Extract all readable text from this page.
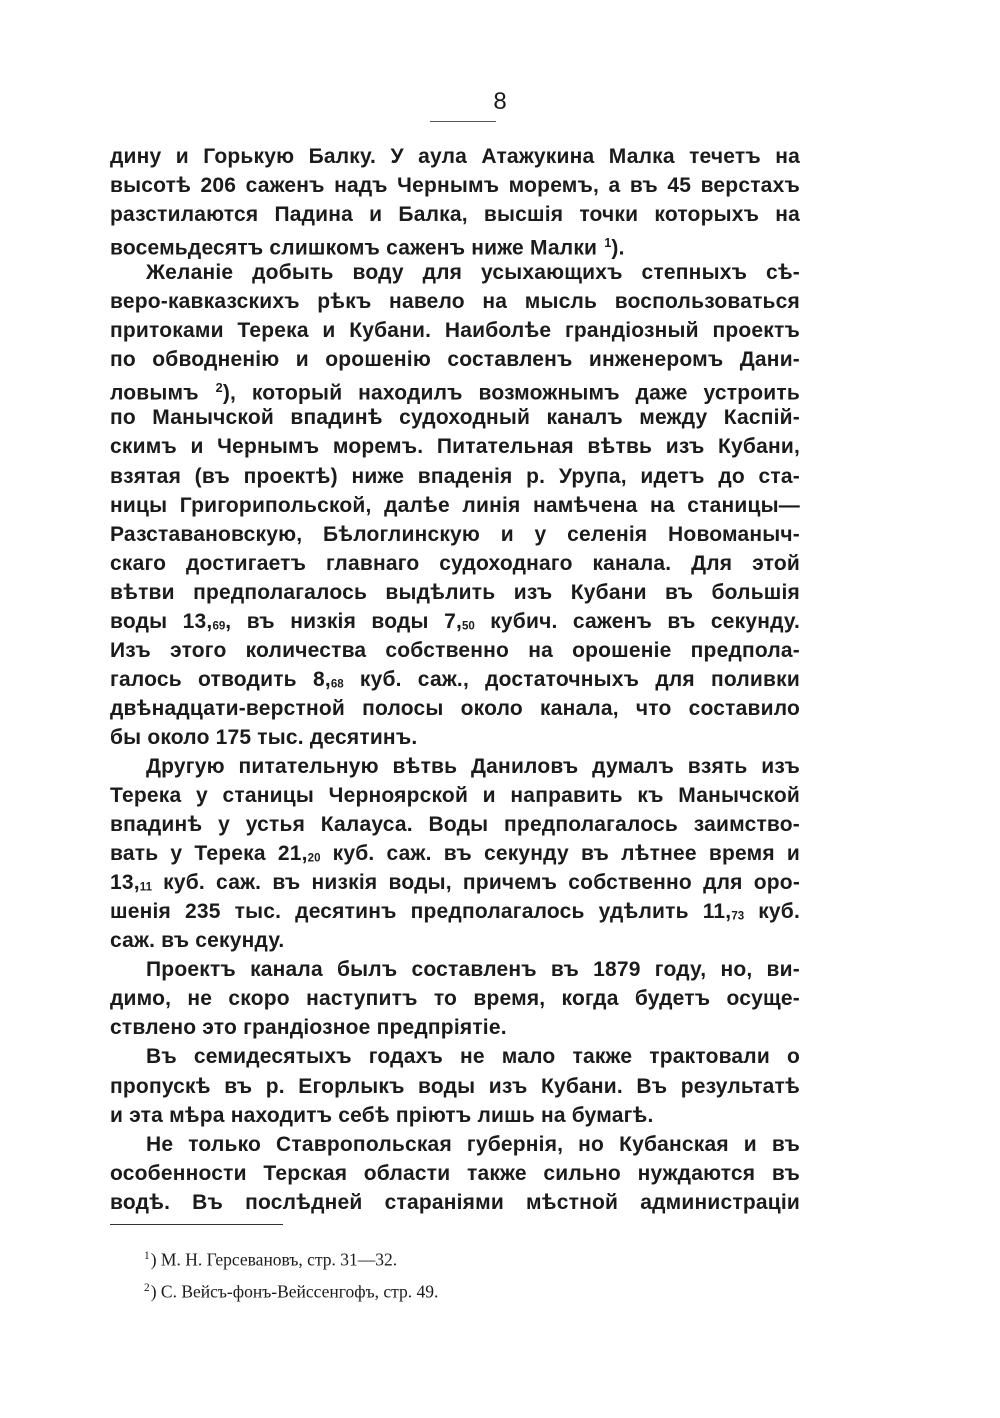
8
дину и Горькую Балку. У аула Атажукина Малка течетъ на
высотѣ 206 саженъ надъ Чернымъ моремъ, а въ 45 верстахъ
разстилаются Падина и Балка, высшія точки которыхъ на
восемьдесятъ слишкомъ саженъ ниже Малки $^1$).
Желаніе добыть воду для усыхающихъ степныхъ сѣ-
веро-кавказскихъ рѣкъ навело на мысль воспользоваться
притоками Терека и Кубани. Наиболѣе грандіозный проектъ
по обводненію и орошенію составленъ инженеромъ Дани-
ловымъ $^2$), который находилъ возможнымъ даже устроить
по Манычской впадинѣ судоходный каналъ между Каспій-
скимъ и Чернымъ моремъ. Питательная вѣтвь изъ Кубани,
взятая (въ проектѣ) ниже впаденія р. Урупа, идетъ до ста-
ницы Григорипольской, далѣе линія намѣчена на станицы—
Разставановскую, Бѣлоглинскую и у селенія Новоманыч-
скаго достигаетъ главнаго судоходнаго канала. Для этой
вѣтви предполагалось выдѣлить изъ Кубани въ большія
воды 13,69, въ низкія воды 7,50 кубич. саженъ въ секунду.
Изъ этого количества собственно на орошеніе предпола-
галось отводить 8,68 куб. саж., достаточныхъ для поливки
двѣнадцати-верстной полосы около канала, что составило
бы около 175 тыс. десятинъ.
Другую питательную вѣтвь Даниловъ думалъ взять изъ
Терека у станицы Черноярской и направить къ Манычской
впадинѣ у устья Калауса. Воды предполагалось заимство-
вать у Терека 21,20 куб. саж. въ секунду въ лѣтнее время и
13,11 куб. саж. въ низкія воды, причемъ собственно для оро-
шенія 235 тыс. десятинъ предполагалось удѣлить 11,73 куб.
саж. въ секунду.
Проектъ канала былъ составленъ въ 1879 году, но, ви-
димо, не скоро наступитъ то время, когда будетъ осуще-
ствлено это грандіозное предпріятіе.
Въ семидесятыхъ годахъ не мало также трактовали о
пропускѣ въ р. Егорлыкъ воды изъ Кубани. Въ результатѣ
и эта мѣра находитъ себѣ пріютъ лишь на бумагѣ.
Не только Ставропольская губернія, но Кубанская и въ
особенности Терская области также сильно нуждаются въ
водѣ. Въ послѣдней стараніями мѣстной администраціи
$^1$) М. Н. Герсевановъ, стр. 31—32.
$^2$) С. Вейсъ-фонъ-Вейссенгофъ, стр. 49.
